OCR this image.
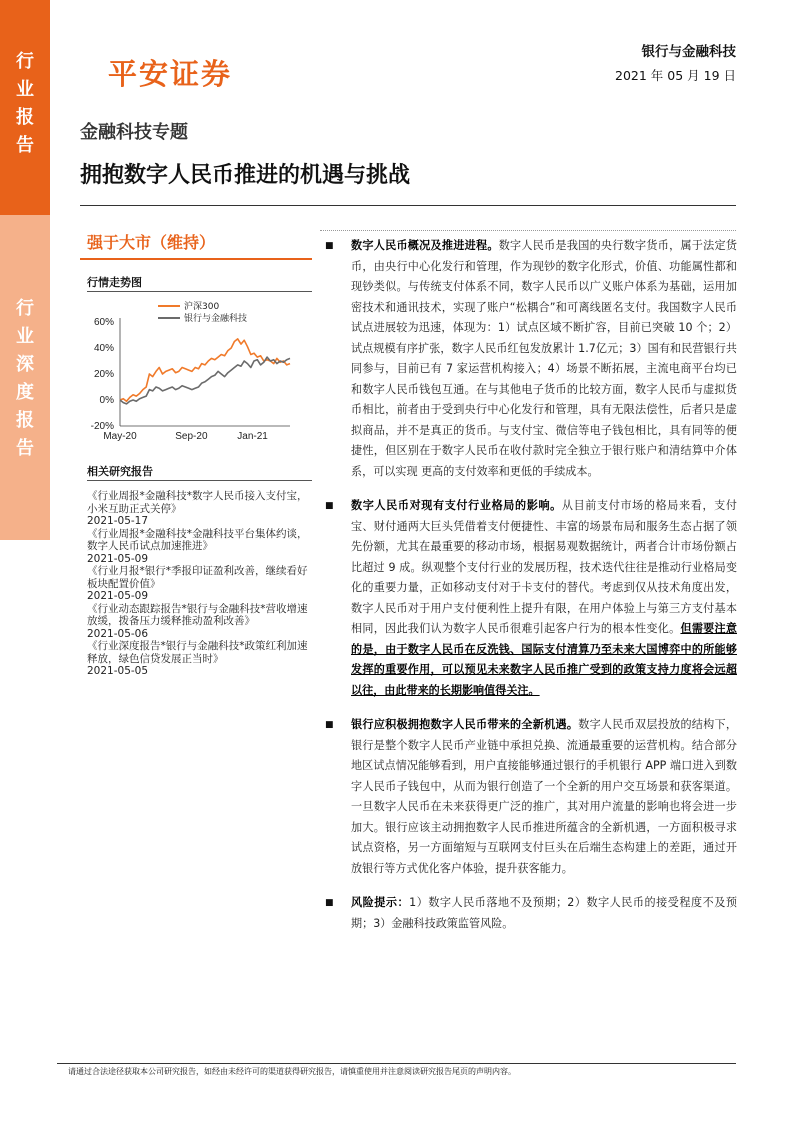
行
业
报
告
行
业
深
度
报
告
平安证券
银行与金融科技
2021 年 05 月 19 日
金融科技专题
拥抱数字人民币推进的机遇与挑战
强于大市（维持）
行情走势图
60%
40%
20%
0%
-20%
May-20	Sep-20	Jan-21
沪深300
银行与金融科技
相关研究报告
《行业周报*金融科技*数字人民币接入支付宝，小米互助正式关停》
2021-05-17
《行业周报*金融科技*金融科技平台集体约谈，数字人民币试点加速推进》
2021-05-09
《行业月报*银行*季报印证盈利改善，继续看好板块配置价值》
2021-05-09
《行业动态跟踪报告*银行与金融科技*营收增速放缓，拨备压力缓释推动盈利改善》
2021-05-06
《行业深度报告*银行与金融科技*政策红利加速释放，绿色信贷发展正当时》
2021-05-05
■ 数字人民币概况及推进进程。数字人民币是我国的央行数字货币，属于法定货币，由央行中心化发行和管理，作为现钞的数字化形式，价值、功能属性都和现钞类似。与传统支付体系不同，数字人民币以广义账户体系为基础，运用加密技术和通讯技术，实现了账户“松耦合”和可离线匿名支付。我国数字人民币试点进展较为迅速，体现为：1）试点区域不断扩容，目前已突破 10 个；2）试点规模有序扩张，数字人民币红包发放累计 1.7亿元；3）国有和民营银行共同参与，目前已有 7 家运营机构接入；4）场景不断拓展，主流电商平台均已和数字人民币钱包互通。在与其他电子货币的比较方面，数字人民币与虚拟货币相比，前者由于受到央行中心化发行和管理，具有无限法偿性，后者只是虚拟商品，并不是真正的货币。与支付宝、微信等电子钱包相比，具有同等的便捷性，但区别在于数字人民币在收付款时完全独立于银行账户和清结算中介体系，可以实现 更高的支付效率和更低的手续成本。
■ 数字人民币对现有支付行业格局的影响。从目前支付市场的格局来看，支付宝、财付通两大巨头凭借着支付便捷性、丰富的场景布局和服务生态占据了领先份额，尤其在最重要的移动市场，根据易观数据统计，两者合计市场份额占比超过 9 成。纵观整个支付行业的发展历程，技术迭代往往是推动行业格局变化的重要力量，正如移动支付对于卡支付的替代。考虑到仅从技术角度出发，数字人民币对于用户支付便利性上提升有限，在用户体验上与第三方支付基本相同，因此我们认为数字人民币很难引起客户行为的根本性变化。但需要注意的是，由于数字人民币在反洗钱、国际支付清算乃至未来大国博弈中的所能够发挥的重要作用，可以预见未来数字人民币推广受到的政策支持力度将会远超以往，由此带来的长期影响值得关注。
■ 银行应积极拥抱数字人民币带来的全新机遇。数字人民币双层投放的结构下，银行是整个数字人民币产业链中承担兑换、流通最重要的运营机构。结合部分地区试点情况能够看到，用户直接能够通过银行的手机银行 APP 端口进入到数字人民币子钱包中，从而为银行创造了一个全新的用户交互场景和获客渠道。一旦数字人民币在未来获得更广泛的推广，其对用户流量的影响也将会进一步加大。银行应该主动拥抱数字人民币推进所蕴含的全新机遇，一方面积极寻求试点资格，另一方面缩短与互联网支付巨头在后端生态构建上的差距，通过开放银行等方式优化客户体验，提升获客能力。
■ 风险提示：1）数字人民币落地不及预期；2）数字人民币的接受程度不及预期；3）金融科技政策监管风险。
请通过合法途径获取本公司研究报告，如经由未经许可的渠道获得研究报告，请慎重使用并注意阅读研究报告尾页的声明内容。
